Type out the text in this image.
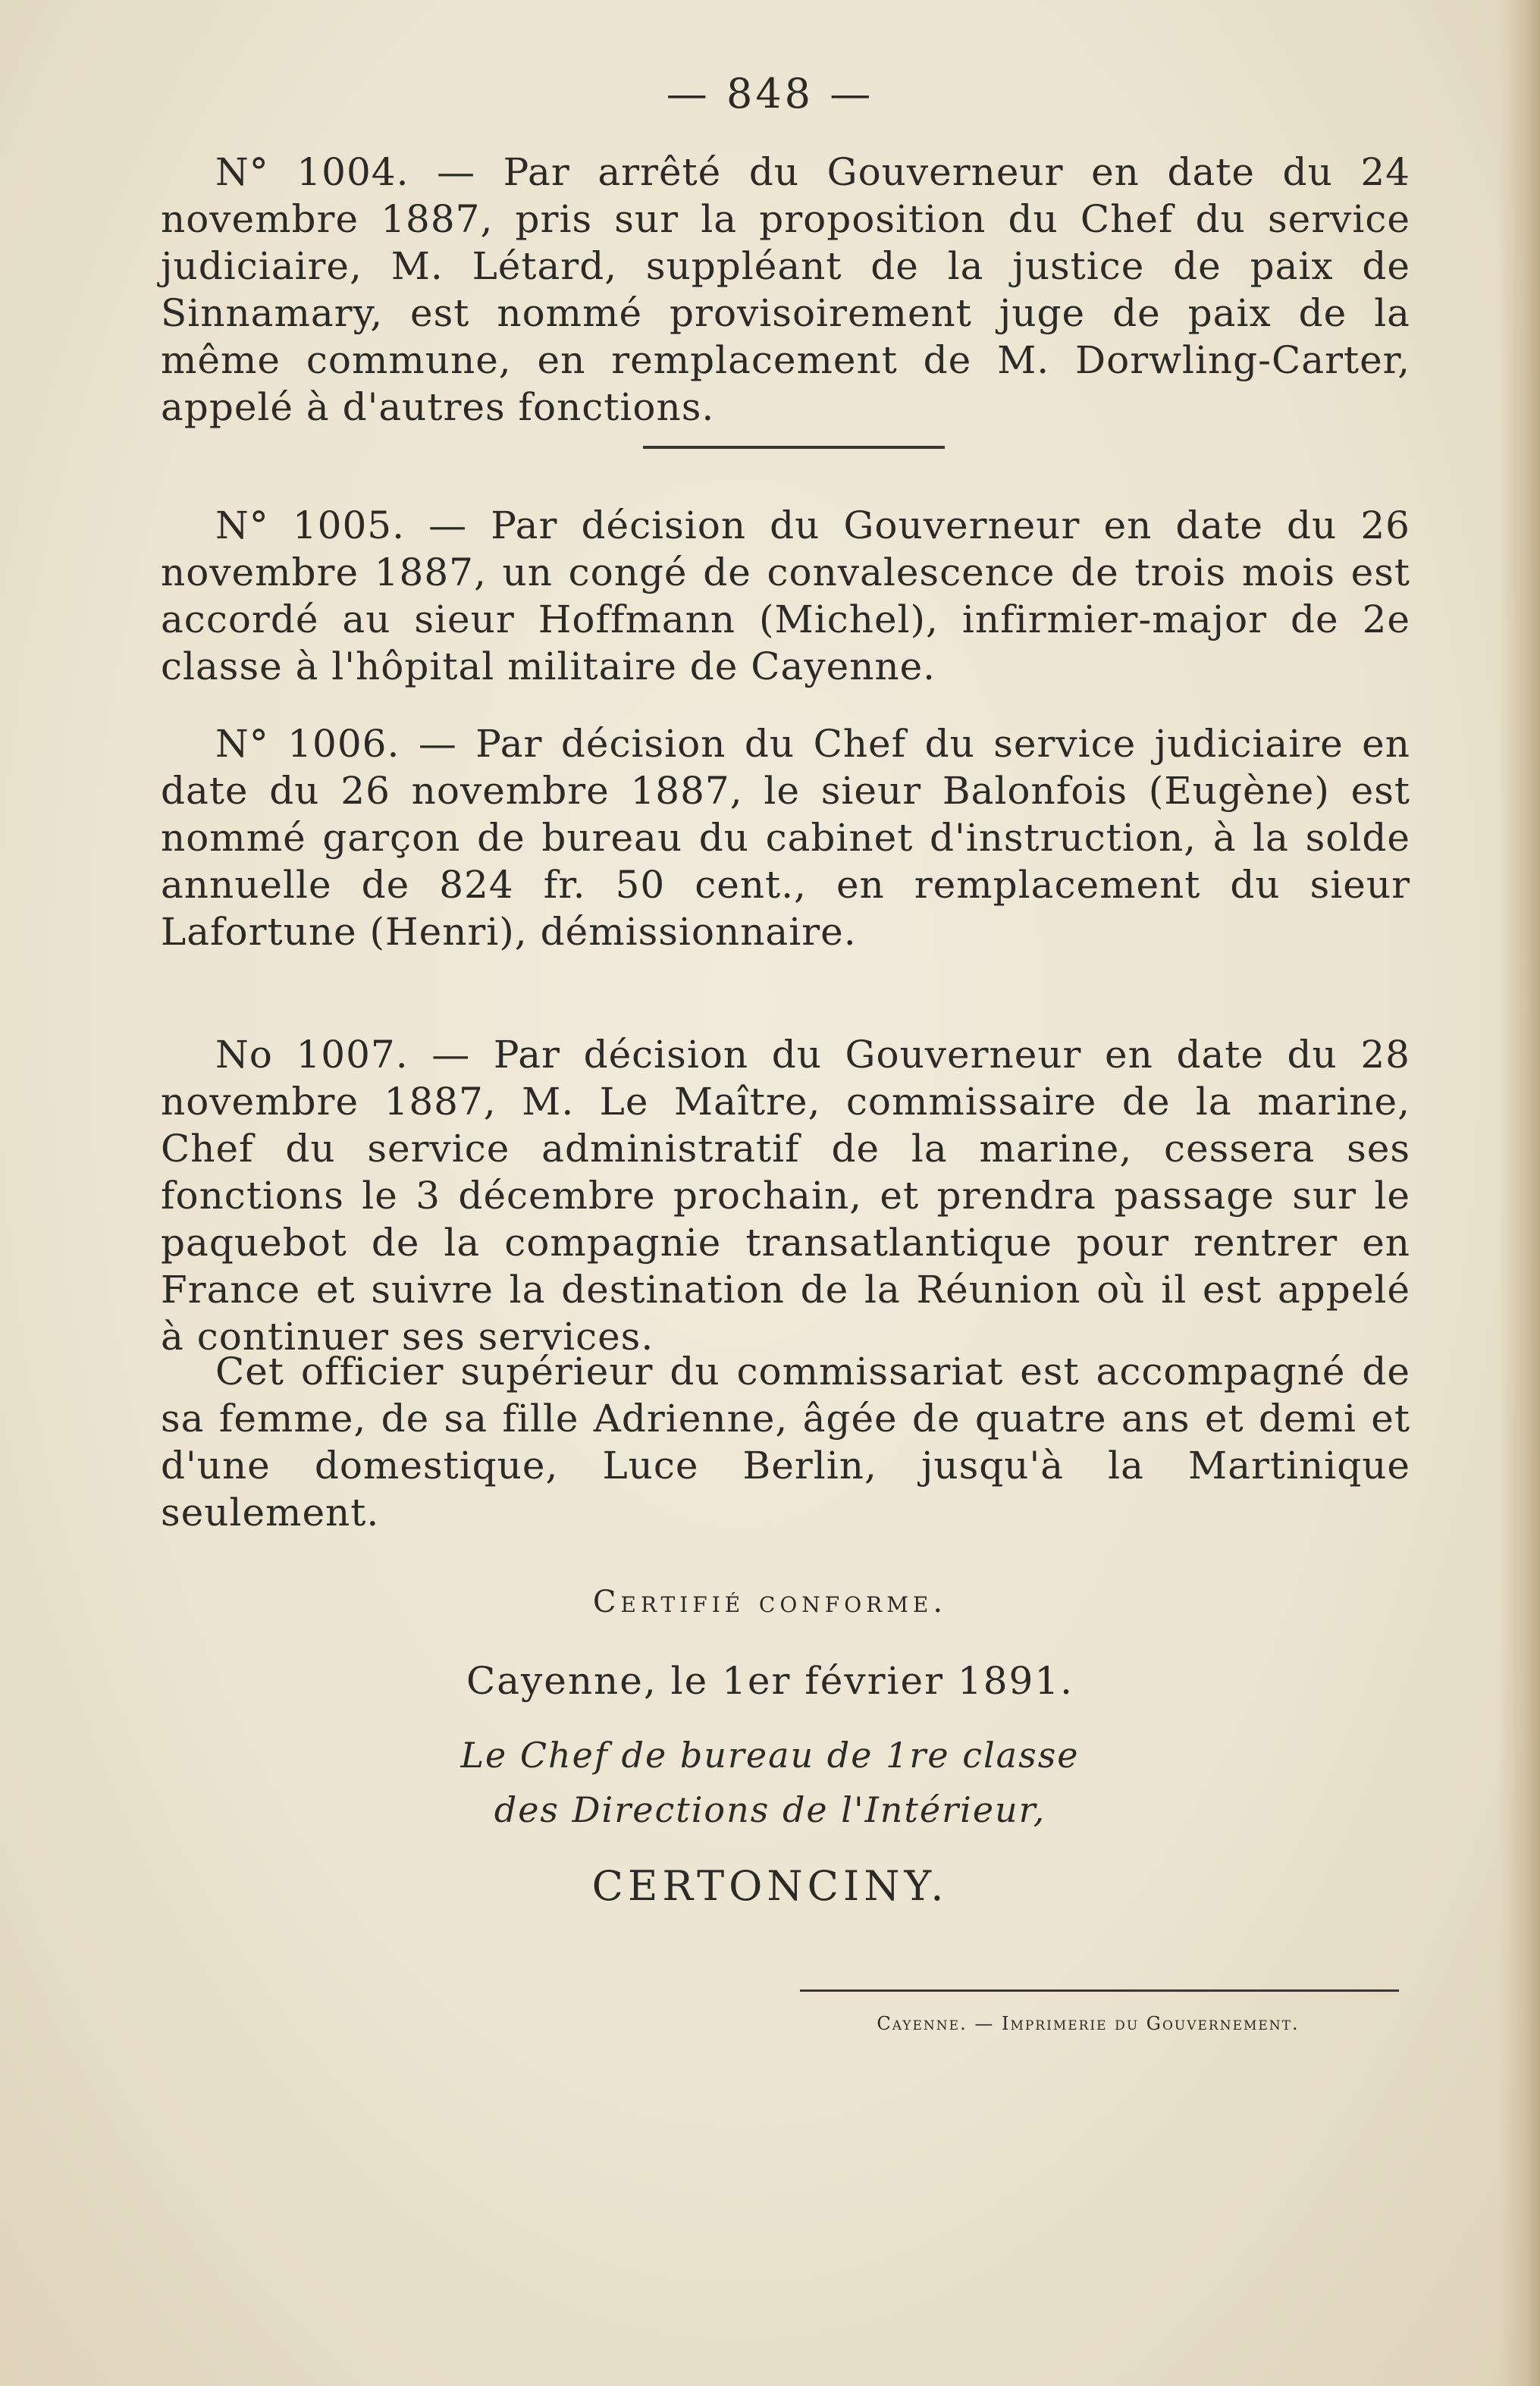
— 848 —

N° 1004. — Par arrêté du Gouverneur en date du 24 novembre 1887, pris sur la proposition du Chef du service judiciaire, M. Létard, suppléant de la justice de paix de Sinnamary, est nommé provisoirement juge de paix de la même commune, en remplacement de M. Dorwling-Carter, appelé à d'autres fonctions.

N° 1005. — Par décision du Gouverneur en date du 26 novembre 1887, un congé de convalescence de trois mois est accordé au sieur Hoffmann (Michel), infirmier-major de 2e classe à l'hôpital militaire de Cayenne.

N° 1006. — Par décision du Chef du service judiciaire en date du 26 novembre 1887, le sieur Balonfois (Eugène) est nommé garçon de bureau du cabinet d'instruction, à la solde annuelle de 824 fr. 50 cent., en remplacement du sieur Lafortune (Henri), démissionnaire.

No 1007. — Par décision du Gouverneur en date du 28 novembre 1887, M. Le Maître, commissaire de la marine, Chef du service administratif de la marine, cessera ses fonctions le 3 décembre prochain, et prendra passage sur le paquebot de la compagnie transatlantique pour rentrer en France et suivre la destination de la Réunion où il est appelé à continuer ses services.

Cet officier supérieur du commissariat est accompagné de sa femme, de sa fille Adrienne, âgée de quatre ans et demi et d'une domestique, Luce Berlin, jusqu'à la Martinique seulement.

Certifié conforme.
Cayenne, le 1er février 1891.
Le Chef de bureau de 1re classe
des Directions de l'Intérieur,
CERTONCINY.
Cayenne. — Imprimerie du Gouvernement.
